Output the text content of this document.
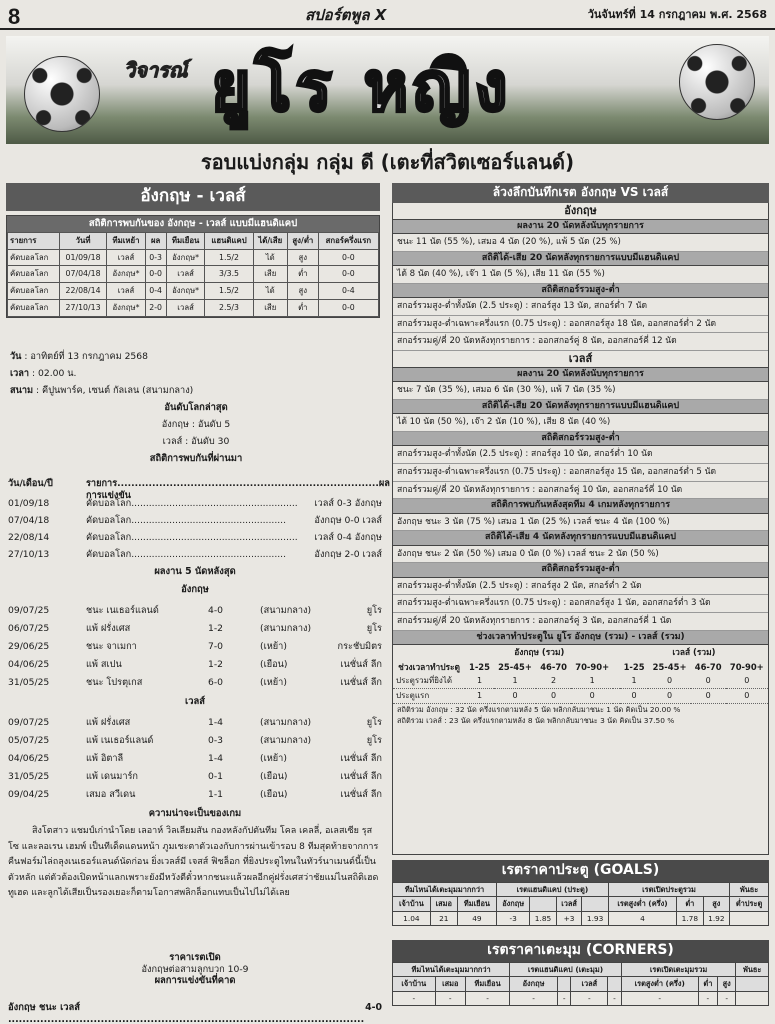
8	สปอร์ตพูล X	วันจันทร์ที่ 14 กรกฎาคม พ.ศ. 2568
วิจารณ์ ยูโร หญิง
รอบแบ่งกลุ่ม กลุ่ม ดี (เตะที่สวิตเซอร์แลนด์)
อังกฤษ - เวลส์
สถิติการพบกันของ อังกฤษ - เวลส์ แบบมีแฮนดิแคป
รายการ	วันที่	ทีมเหย้า	ผล	ทีมเยือน	แฮนดิแคป	ได้/เสีย	สูง/ต่ำ	สกอร์ครึ่งแรก
คัดบอลโลก	01/09/18	เวลส์	0-3	อังกฤษ*	1.5/2	ได้	สูง	0-0
คัดบอลโลก	07/04/18	อังกฤษ*	0-0	เวลส์	3/3.5	เสีย	ต่ำ	0-0
คัดบอลโลก	22/08/14	เวลส์	0-4	อังกฤษ*	1.5/2	ได้	สูง	0-4
คัดบอลโลก	27/10/13	อังกฤษ*	2-0	เวลส์	2.5/3	เสีย	ต่ำ	0-0
วัน : อาทิตย์ที่ 13 กรกฎาคม 2568
เวลา : 02.00 น.
สนาม : คีปูนพาร์ค, เซนต์ กัลเลน (สนามกลาง)
อันดับโลกล่าสุด
อังกฤษ : อันดับ 5
เวลส์ : อันดับ 30
สถิติการพบกันที่ผ่านมา
วัน/เดือน/ปี	รายการ...........................................................................ผลการแข่งขัน
01/09/18	คัดบอลโลก......................................................... เวลส์ 0-3 อังกฤษ
07/04/18	คัดบอลโลก.....................................................	อังกฤษ 0-0 เวลส์
22/08/14	คัดบอลโลก......................................................... เวลส์ 0-4 อังกฤษ
27/10/13	คัดบอลโลก.....................................................	อังกฤษ 2-0 เวลส์
ผลงาน 5 นัดหลังสุด
อังกฤษ
09/07/25	ชนะ เนเธอร์แลนด์	4-0	(สนามกลาง)	ยูโร
06/07/25	แพ้ ฝรั่งเศส	1-2	(สนามกลาง)	ยูโร
29/06/25	ชนะ จาเมกา	7-0	(เหย้า)	กระชับมิตร
04/06/25	แพ้ สเปน	1-2	(เยือน)	เนชั่นส์ ลีก
31/05/25	ชนะ โปรตุเกส	6-0	(เหย้า)	เนชั่นส์ ลีก
เวลส์
09/07/25	แพ้ ฝรั่งเศส	1-4	(สนามกลาง)	ยูโร
05/07/25	แพ้ เนเธอร์แลนด์	0-3	(สนามกลาง)	ยูโร
04/06/25	แพ้ อิตาลี	1-4	(เหย้า)	เนชั่นส์ ลีก
31/05/25	แพ้ เดนมาร์ก	0-1	(เยือน)	เนชั่นส์ ลีก
09/04/25	เสมอ สวีเดน	1-1	(เยือน)	เนชั่นส์ ลีก
ความน่าจะเป็นของเกม
สิงโตสาว แชมป์เก่านำโดย เลอาห์ วิลเลียมสัน กองหลังกัปตันทีม โคล เคลลี่, อเลสเซีย รุสโซ และลอเรน เฮมพ์ เป็นทีเด็ดแดนหน้า ภูมเชะตาตัวเองกับการผ่านเข้ารอบ 8 ทีมสุดท้ายจากการคืนฟอร์มไล่ถลุงเนเธอร์แลนด์นัดก่อน ยิ่งเวลส์มี เจสส์ ฟิชล็อก ที่ยิงประตูไทนในทัวร์นาเมนต์นี้เป็นตัวหลัก แต่ตัวต้องเปิดหน้าแลกเพราะยังมีหวังตีตั๋วหากชนะแล้วผลอีกคู่ฝรั่งเศสว่าชัยแม่ไนสถิติเฮดทูเฮด และลูกได้เสียเป็นรองเยอะก็ตามโอกาสพลิกล็อกแทบเป็นไปไม่ได้เลย
ราคาเรตเปิด
อังกฤษต่อสามลูกบวก 10-9
ผลการแข่งขันที่คาด
อังกฤษ ชนะ เวลส์ ....................................................................................................
4-0
ล้วงลึกบันทึกเรต อังกฤษ VS เวลส์
อังกฤษ
ผลงาน 20 นัดหลังนับทุกรายการ
ชนะ 11 นัด (55 %), เสมอ 4 นัด (20 %), แพ้ 5 นัด (25 %)
สถิติได้-เสีย 20 นัดหลังทุกรายการแบบมีแฮนดิแคป
ได้ 8 นัด (40 %), เจ๊า 1 นัด (5 %), เสีย 11 นัด (55 %)
สถิติสกอร์รวมสูง-ต่ำ
สกอร์รวมสูง-ต่ำทั้งนัด (2.5 ประตู) : สกอร์สูง 13 นัด, สกอร์ต่ำ 7 นัด
สกอร์รวมสูง-ต่ำเฉพาะครึ่งแรก (0.75 ประตู) : ออกสกอร์สูง 18 นัด, ออกสกอร์ต่ำ 2 นัด
สกอร์รวมคู่/คี่ 20 นัดหลังทุกรายการ : ออกสกอร์คู่ 8 นัด, ออกสกอร์คี่ 12 นัด
เวลส์
ผลงาน 20 นัดหลังนับทุกรายการ
ชนะ 7 นัด (35 %), เสมอ 6 นัด (30 %), แพ้ 7 นัด (35 %)
สถิติได้-เสีย 20 นัดหลังทุกรายการแบบมีแฮนดิแคป
ได้ 10 นัด (50 %), เจ๊า 2 นัด (10 %), เสีย 8 นัด (40 %)
สถิติสกอร์รวมสูง-ต่ำ
สกอร์รวมสูง-ต่ำทั้งนัด (2.5 ประตู) : สกอร์สูง 10 นัด, สกอร์ต่ำ 10 นัด
สกอร์รวมสูง-ต่ำเฉพาะครึ่งแรก (0.75 ประตู) : ออกสกอร์สูง 15 นัด, ออกสกอร์ต่ำ 5 นัด
สกอร์รวมคู่/คี่ 20 นัดหลังทุกรายการ : ออกสกอร์คู่ 10 นัด, ออกสกอร์คี่ 10 นัด
สถิติการพบกันหลังสุดทีม 4 เกมหลังทุกรายการ
อังกฤษ ชนะ 3 นัด (75 %) เสมอ 1 นัด (25 %) เวลส์ ชนะ 4 นัด (100 %)
สถิติได้-เสีย 4 นัดหลังทุกรายการแบบมีแฮนดิแคป
อังกฤษ ชนะ 2 นัด (50 %) เสมอ 0 นัด (0 %) เวลส์ ชนะ 2 นัด (50 %)
สถิติสกอร์รวมสูง-ต่ำ
สกอร์รวมสูง-ต่ำทั้งนัด (2.5 ประตู) : สกอร์สูง 2 นัด, สกอร์ต่ำ 2 นัด
สกอร์รวมสูง-ต่ำเฉพาะครึ่งแรก (0.75 ประตู) : ออกสกอร์สูง 1 นัด, ออกสกอร์ต่ำ 3 นัด
สกอร์รวมคู่/คี่ 20 นัดหลังทุกรายการ : ออกสกอร์คู่ 3 นัด, ออกสกอร์คี่ 1 นัด
ช่วงเวลาทำประตูใน ยูโร อังกฤษ (รวม) - เวลส์ (รวม)
	อังกฤษ (รวม)					เวลส์ (รวม)			
ช่วงเวลาทำประตู	1-25	25-45+	46-70	70-90+		1-25	25-45+	46-70	70-90+
ประตูรวมที่ยิงได้	1	1	2	1		1	0	0	0
ประตูแรก	1	0	0	0		0	0	0	0
สถิติรวม อังกฤษ : 32 นัด ครึ่งแรกตามหลัง 5 นัด พลิกกลับมาชนะ 1 นัด คิดเป็น 20.00 %
สถิติรวม เวลส์ : 23 นัด ครึ่งแรกตามหลัง 8 นัด พลิกกลับมาชนะ 3 นัด คิดเป็น 37.50 %
เรตราคาประตู (GOALS)
ทีมไหนได้เตะมุมมากกว่า			เรตแฮนดิแคป (ประตู)				เรตเปิดประตูรวม			พันธะ
เจ้าบ้าน	เสมอ	ทีมเยือน	อังกฤษ		เวลส์		เรตสูงต่ำ (ครึ่ง)	ต่ำ	สูง	ต่ำประตู
1.04	21	49	-3	1.85	+3	1.93	4	1.78	1.92	
เรตราคาเตะมุม (CORNERS)
ทีมไหนได้เตะมุมมากกว่า			เรตแฮนดิแคป (เตะมุม)				เรตเปิดเตะมุมรวม			พันธะ
เจ้าบ้าน	เสมอ	ทีมเยือน	อังกฤษ		เวลส์		เรตสูงต่ำ (ครึ่ง)	ต่ำ	สูง	
-	-	-	-	-	-	-	-	-	-	
